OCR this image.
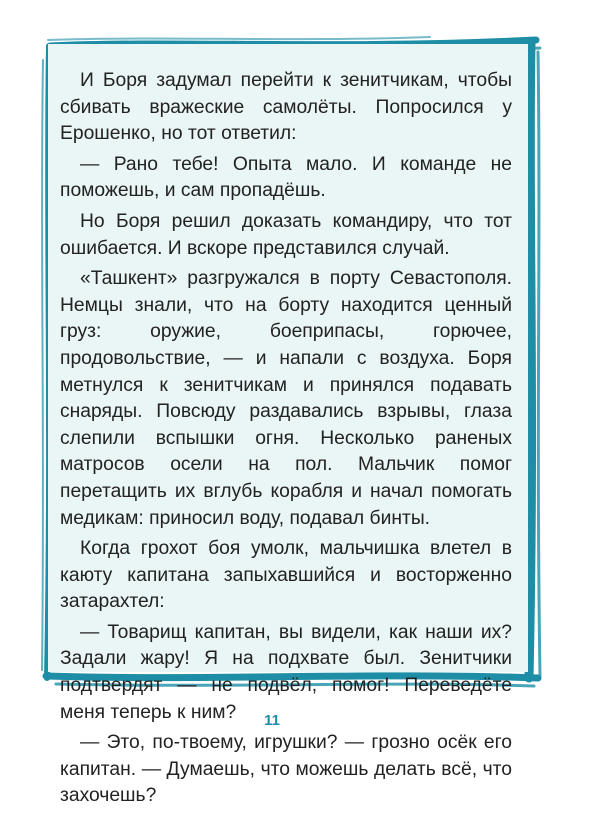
И Боря задумал перейти к зенитчикам, чтобы сбивать вражеские самолёты. Попросился у Ерошенко, но тот ответил:

— Рано тебе! Опыта мало. И команде не поможешь, и сам пропадёшь.

Но Боря решил доказать командиру, что тот ошибается. И вскоре представился случай.

«Ташкент» разгружался в порту Севастополя. Немцы знали, что на борту находится ценный груз: оружие, боеприпасы, горючее, продовольствие, — и напали с воздуха. Боря метнулся к зенитчикам и принялся подавать снаряды. Повсюду раздавались взрывы, глаза слепили вспышки огня. Несколько раненых матросов осели на пол. Мальчик помог перетащить их вглубь корабля и начал помогать медикам: приносил воду, подавал бинты.

Когда грохот боя умолк, мальчишка влетел в каюту капитана запыхавшийся и восторженно затарахтел:

— Товарищ капитан, вы видели, как наши их? Задали жару! Я на подхвате был. Зенитчики подтвердят — не подвёл, помог! Переведёте меня теперь к ним?

— Это, по-твоему, игрушки? — грозно осёк его капитан. — Думаешь, что можешь делать всё, что захочешь?

11
